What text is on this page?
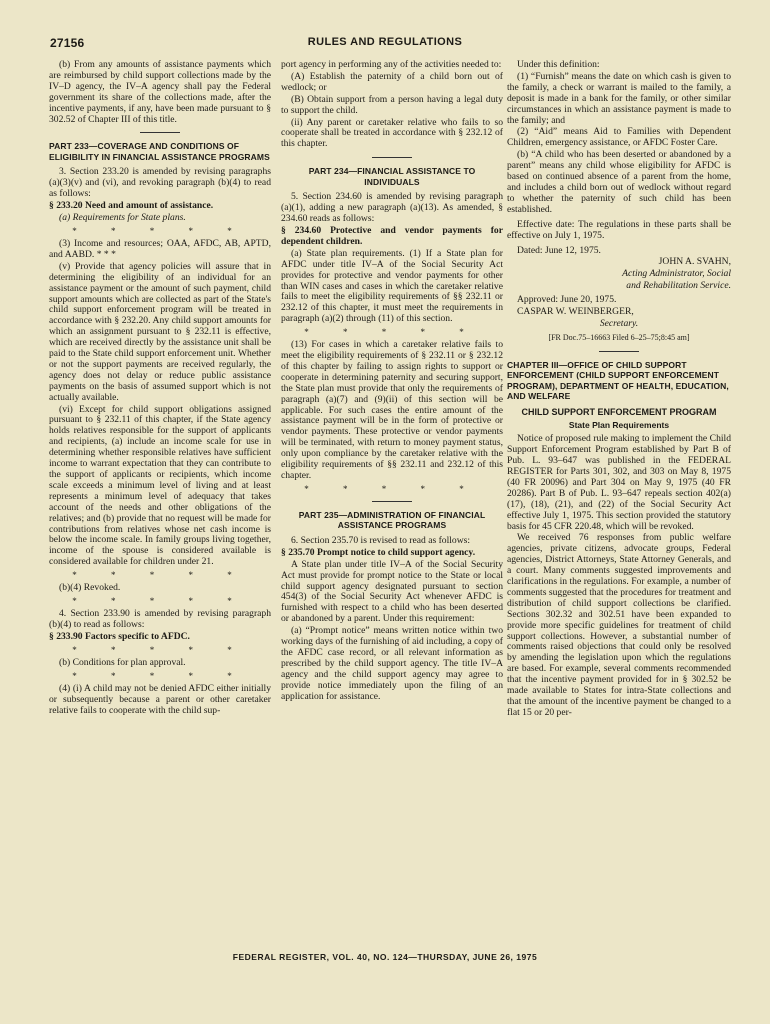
27156	RULES AND REGULATIONS

(b) From any amounts of assistance payments which are reimbursed by child support collections made by the IV–D agency, the IV–A agency shall pay the Federal government its share of the collections made, after the incentive payments, if any, have been made pursuant to § 302.52 of Chapter III of this title.

PART 233—COVERAGE AND CONDITIONS OF ELIGIBILITY IN FINANCIAL ASSISTANCE PROGRAMS

3. Section 233.20 is amended by revising paragraphs (a)(3)(v) and (vi), and revoking paragraph (b)(4) to read as follows:

§ 233.20 Need and amount of assistance.

(a) Requirements for State plans.

* * * * *

(3) Income and resources; OAA, AFDC, AB, APTD, and AABD. * * *

(v) Provide that agency policies will assure that in determining the eligibility of an individual for an assistance payment or the amount of such payment, child support amounts which are collected as part of the State's child support enforcement program will be treated in accordance with § 232.20. Any child support amounts for which an assignment pursuant to § 232.11 is effective, which are received directly by the assistance unit shall be paid to the State child support enforcement unit. Whether or not the support payments are received regularly, the agency does not delay or reduce public assistance payments on the basis of assumed support which is not actually available.

(vi) Except for child support obligations assigned pursuant to § 232.11 of this chapter, if the State agency holds relatives responsible for the support of applicants and recipients, (a) include an income scale for use in determining whether responsible relatives have sufficient income to warrant expectation that they can contribute to the support of applicants or recipients, which income scale exceeds a minimum level of living and at least represents a minimum level of adequacy that takes account of the needs and other obligations of the relatives; and (b) provide that no request will be made for contributions from relatives whose net cash income is below the income scale. In family groups living together, income of the spouse is considered available is considered available for children under 21.

* * * * *

(b)(4) Revoked.

* * * * *

4. Section 233.90 is amended by revising paragraph (b)(4) to read as follows:

§ 233.90 Factors specific to AFDC.

* * * * *

(b) Conditions for plan approval.

* * * * *

(4) (i) A child may not be denied AFDC either initially or subsequently because a parent or other caretaker relative fails to cooperate with the child sup-

port agency in performing any of the activities needed to:

(A) Establish the paternity of a child born out of wedlock; or

(B) Obtain support from a person having a legal duty to support the child.

(ii) Any parent or caretaker relative who fails to so cooperate shall be treated in accordance with § 232.12 of this chapter.

PART 234—FINANCIAL ASSISTANCE TO INDIVIDUALS

5. Section 234.60 is amended by revising paragraph (a)(1), adding a new paragraph (a)(13). As amended, § 234.60 reads as follows:

§ 234.60 Protective and vendor payments for dependent children.

(a) State plan requirements. (1) If a State plan for AFDC under title IV–A of the Social Security Act provides for protective and vendor payments for other than WIN cases and cases in which the caretaker relative fails to meet the eligibility requirements of §§ 232.11 or 232.12 of this chapter, it must meet the requirements in paragraph (a)(2) through (11) of this section.

* * * * *

(13) For cases in which a caretaker relative fails to meet the eligibility requirements of § 232.11 or § 232.12 of this chapter by failing to assign rights to support or cooperate in determining paternity and securing support, the State plan must provide that only the requirements of paragraph (a)(7) and (9)(ii) of this section will be applicable. For such cases the entire amount of the assistance payment will be in the form of protective or vendor payments. These protective or vendor payments will be terminated, with return to money payment status, only upon compliance by the caretaker relative with the eligibility requirements of §§ 232.11 and 232.12 of this chapter.

* * * * *
PART 235—ADMINISTRATION OF FINANCIAL ASSISTANCE PROGRAMS

6. Section 235.70 is revised to read as follows:

§ 235.70 Prompt notice to child support agency.

A State plan under title IV–A of the Social Security Act must provide for prompt notice to the State or local child support agency designated pursuant to section 454(3) of the Social Security Act whenever AFDC is furnished with respect to a child who has been deserted or abandoned by a parent. Under this requirement:

(a) “Prompt notice” means written notice within two working days of the furnishing of aid including, a copy of the AFDC case record, or all relevant information as prescribed by the child support agency. The title IV–A agency and the child support agency may agree to provide notice immediately upon the filing of an application for assistance.

Under this definition:

(1) “Furnish” means the date on which cash is given to the family, a check or warrant is mailed to the family, a deposit is made in a bank for the family, or other similar circumstances in which an assistance payment is made to the family; and

(2) “Aid” means Aid to Families with Dependent Children, emergency assistance, or AFDC Foster Care.

(b) “A child who has been deserted or abandoned by a parent” means any child whose eligibility for AFDC is based on continued absence of a parent from the home, and includes a child born out of wedlock without regard to whether the paternity of such child has been established.

Effective date: The regulations in these parts shall be effective on July 1, 1975.

Dated: June 12, 1975.

JOHN A. SVAHN,

Acting Administrator, Social

and Rehabilitation Service.

Approved: June 20, 1975.

CASPAR W. WEINBERGER,

Secretary.

[FR Doc.75–16663 Filed 6–25–75;8:45 am]

CHAPTER III—OFFICE OF CHILD SUPPORT ENFORCEMENT (CHILD SUPPORT ENFORCEMENT PROGRAM), DEPARTMENT OF HEALTH, EDUCATION, AND WELFARE
CHILD SUPPORT ENFORCEMENT PROGRAM
State Plan Requirements

Notice of proposed rule making to implement the Child Support Enforcement Program established by Part B of Pub. L. 93–647 was published in the FEDERAL REGISTER for Parts 301, 302, and 303 on May 8, 1975 (40 FR 20096) and Part 304 on May 9, 1975 (40 FR 20286). Part B of Pub. L. 93–647 repeals section 402(a)(17), (18), (21), and (22) of the Social Security Act effective July 1, 1975. This section provided the statutory basis for 45 CFR 220.48, which will be revoked.

We received 76 responses from public welfare agencies, private citizens, advocate groups, Federal agencies, District Attorneys, State Attorney Generals, and a court. Many comments suggested improvements and clarifications in the regulations. For example, a number of comments suggested that the procedures for treatment and distribution of child support collections be clarified. Sections 302.32 and 302.51 have been expanded to provide more specific guidelines for treatment of child support collections. However, a substantial number of comments raised objections that could only be resolved by amending the legislation upon which the regulations are based. For example, several comments recommended that the incentive payment provided for in § 302.52 be made available to States for intra-State collections and that the amount of the incentive payment be changed to a flat 15 or 20 per-

FEDERAL REGISTER, VOL. 40, NO. 124—THURSDAY, JUNE 26, 1975
